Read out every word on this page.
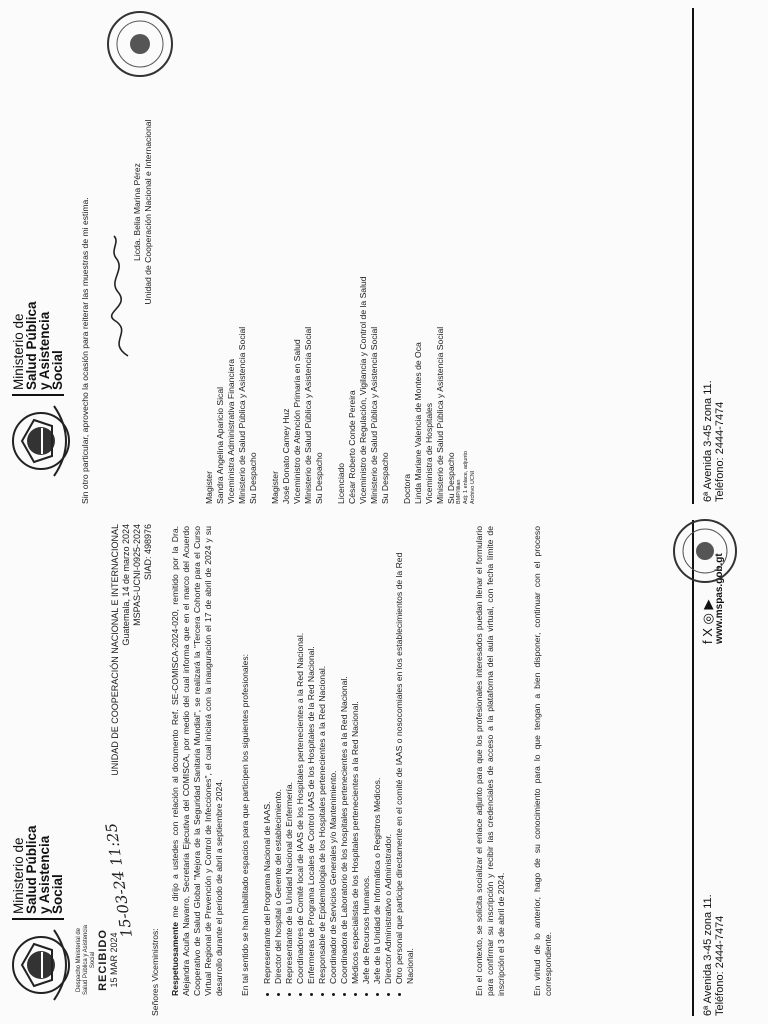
Ministerio de
Salud Pública
y Asistencia
Social
Despacho Ministerial de Salud Pública y Asistencia Social RECIBIDO 15 MAR 2024
15-03-24 11:25
UNIDAD DE COOPERACIÓN NACIONAL E INTERNACIONAL Guatemala, 14 de marzo 2024 MSPAS-UCNI-0925-2024 SIAD: 498976
Señores Viceministros: Respetuosamente me dirijo a ustedes con relación al documento Ref. SE-COMISCA-2024-020, remitido por la Dra. Alejandra Acuña Navarro, Secretaria Ejecutiva del COMISCA, por medio del cual informa que en el marco del Acuerdo Cooperativo de Salud Global "Mejora de la Seguridad Sanitaria Mundial", se realizará la "Tercera Cohorte para el Curso Virtual Regional de Prevención y Control de Infecciones", el cual iniciará con la inauguración el 17 de abril de 2024 y su desarrollo durante el período de abril a septiembre 2024. En tal sentido se han habilitado espacios para que participen los siguientes profesionales: • Representante del Programa Nacional de IAAS. • Director del hospital o Gerente del establecimiento. • Representante de la Unidad Nacional de Enfermería. • Coordinadores de Comité local de IAAS de los Hospitales pertenecientes a la Red Nacional. • Enfermeras de Programa Locales de Control IAAS de los Hospitales de la Red Nacional. • Responsable de Epidemiología de los Hospitales pertenecientes a la Red Nacional. • Coordinador de Servicios Generales y/o Mantenimiento. • Coordinadora de Laboratorio de los hospitales pertenecientes a la Red Nacional. • Médicos especialistas de los Hospitales pertenecientes a la Red Nacional. • Jefe de Recursos Humanos. • Jefe de la Unidad de Informática o Registros Médicos. • Director Administrativo o Administrador. • Otro personal que participe directamente en el comité de IAAS o nosocomiales en los establecimientos de la Red Nacional.	En el contexto, se solicita socializar el enlace adjunto para que los profesionales interesados puedan llenar el formulario para confirmar su inscripción y recibir las credenciales de acceso a la plataforma del aula virtual, con fecha límite de inscripción el 3 de abril de 2024.	En virtud de lo anterior, hago de su conocimiento para lo que tengan a bien disponer, continuar con el proceso correspondiente.	6ª Avenida 3-45 zona 11. Teléfono: 2444-7474
f X ◎ ▶ www.mspas.gob.gt
Ministerio de
Salud Pública
y Asistencia
Social Sin otro particular, aprovecho la ocasión para reiterar las muestras de mi estima.	Licda. Belia Marina Pérez Unidad de Cooperación Nacional e Internacional
Magister Sandra Angelina Aparicio Sical Viceministra Administrativa Financiera Ministerio de Salud Pública y Asistencia Social Su Despacho Magister José Donato Camey Huz Viceministro de Atención Primaria en Salud Ministerio de Salud Pública y Asistencia Social Su Despacho Licenciado César Roberto Conde Pereira Viceministro de Regulación, Vigilancia y Control de la Salud Ministerio de Salud Pública y Asistencia Social Su Despacho Doctora Linda Mariane Valencia de Montes de Oca Viceministra de Hospitales Ministerio de Salud Pública y Asistencia Social Su Despacho BMP/lilian Adj: 1 enlace, adjunto Archivo UCNI	6ª Avenida 3-45 zona 11. Teléfono: 2444-7474
